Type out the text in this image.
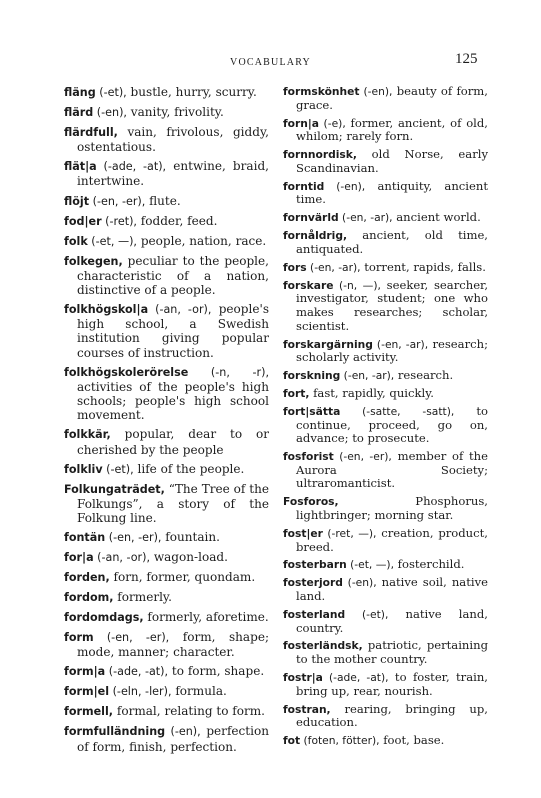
VOCABULARY	125
fläng (-et), bustle, hurry, scurry.
flärd (-en), vanity, frivolity.
flärdfull, vain, frivolous, giddy, ostentatious.
flät|a (-ade, -at), entwine, braid, intertwine.
flöjt (-en, -er), flute.
fod|er (-ret), fodder, feed.
folk (-et, —), people, nation, race.
folkegen, peculiar to the people, characteristic of a nation, distinctive of a people.
folkhögskol|a (-an, -or), people's high school, a Swedish institution giving popular courses of instruction.
folkhögskolerörelse (-n, -r), activities of the people's high schools; people's high school movement.
folkkär, popular, dear to or cherished by the people
folkliv (-et), life of the people.
Folkungaträdet, “The Tree of the Folkungs”, a story of the Folkung line.
fontän (-en, -er), fountain.
for|a (-an, -or), wagon-load.
forden, forn, former, quondam.
fordom, formerly.
fordomdags, formerly, aforetime.
form (-en, -er), form, shape; mode, manner; character.
form|a (-ade, -at), to form, shape.
form|el (-eln, -ler), formula.
formell, formal, relating to form.
formfulländning (-en), perfection of form, finish, perfection.
formskönhet (-en), beauty of form, grace.
forn|a (-e), former, ancient, of old, whilom; rarely forn.
fornnordisk, old Norse, early Scandinavian.
forntid (-en), antiquity, ancient time.
fornvärld (-en, -ar), ancient world.
fornåldrig, ancient, old time, antiquated.
fors (-en, -ar), torrent, rapids, falls.
forskare (-n, —), seeker, searcher, investigator, student; one who makes researches; scholar, scientist.
forskargärning (-en, -ar), research; scholarly activity.
forskning (-en, -ar), research.
fort, fast, rapidly, quickly.
fort|sätta (-satte, -satt), to continue, proceed, go on, advance; to prosecute.
fosforist (-en, -er), member of the Aurora Society; ultraromanticist.
Fosforos, Phosphorus, lightbringer; morning star.
fost|er (-ret, —), creation, product, breed.
fosterbarn (-et, —), fosterchild.
fosterjord (-en), native soil, native land.
fosterland (-et), native land, country.
fosterländsk, patriotic, pertaining to the mother country.
fostr|a (-ade, -at), to foster, train, bring up, rear, nourish.
fostran, rearing, bringing up, education.
fot (foten, fötter), foot, base.
